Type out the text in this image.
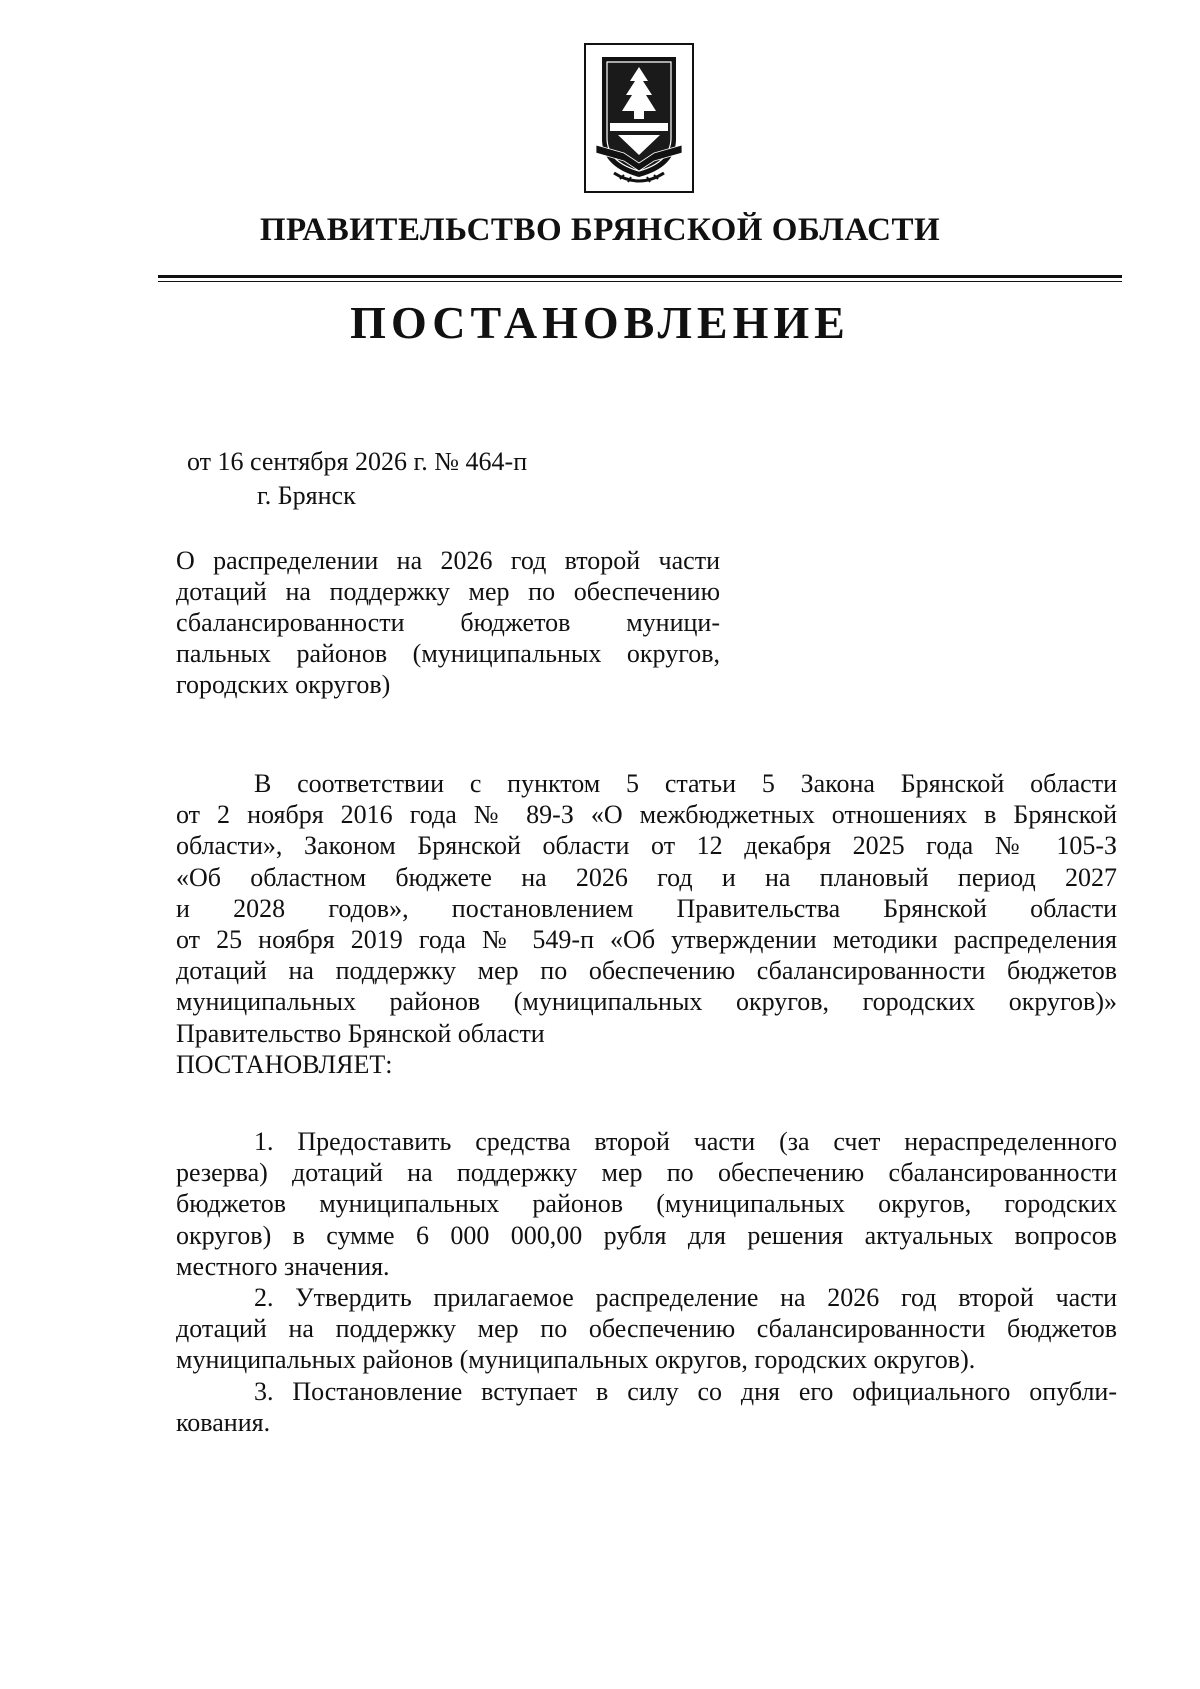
ПРАВИТЕЛЬСТВО БРЯНСКОЙ ОБЛАСТИ
ПОСТАНОВЛЕНИЕ
от 16 сентября 2026 г. № 464-п
г. Брянск
О распределении на 2026 год второй части
дотаций на поддержку мер по обеспечению
сбалансированности бюджетов муници-
пальных районов (муниципальных округов,
городских округов)
В соответствии с пунктом 5 статьи 5 Закона Брянской области
от 2 ноября 2016 года № 89-З «О межбюджетных отношениях в Брянской
области», Законом Брянской области от 12 декабря 2025 года № 105-З
«Об областном бюджете на 2026 год и на плановый период 2027
и 2028 годов», постановлением Правительства Брянской области
от 25 ноября 2019 года № 549-п «Об утверждении методики распределения
дотаций на поддержку мер по обеспечению сбалансированности бюджетов
муниципальных районов (муниципальных округов, городских округов)»
Правительство Брянской области
ПОСТАНОВЛЯЕТ:
1. Предоставить средства второй части (за счет нераспределенного
резерва) дотаций на поддержку мер по обеспечению сбалансированности
бюджетов муниципальных районов (муниципальных округов, городских
округов) в сумме 6 000 000,00 рубля для решения актуальных вопросов
местного значения.
2. Утвердить прилагаемое распределение на 2026 год второй части
дотаций на поддержку мер по обеспечению сбалансированности бюджетов
муниципальных районов (муниципальных округов, городских округов).
3. Постановление вступает в силу со дня его официального опубли-
кования.
